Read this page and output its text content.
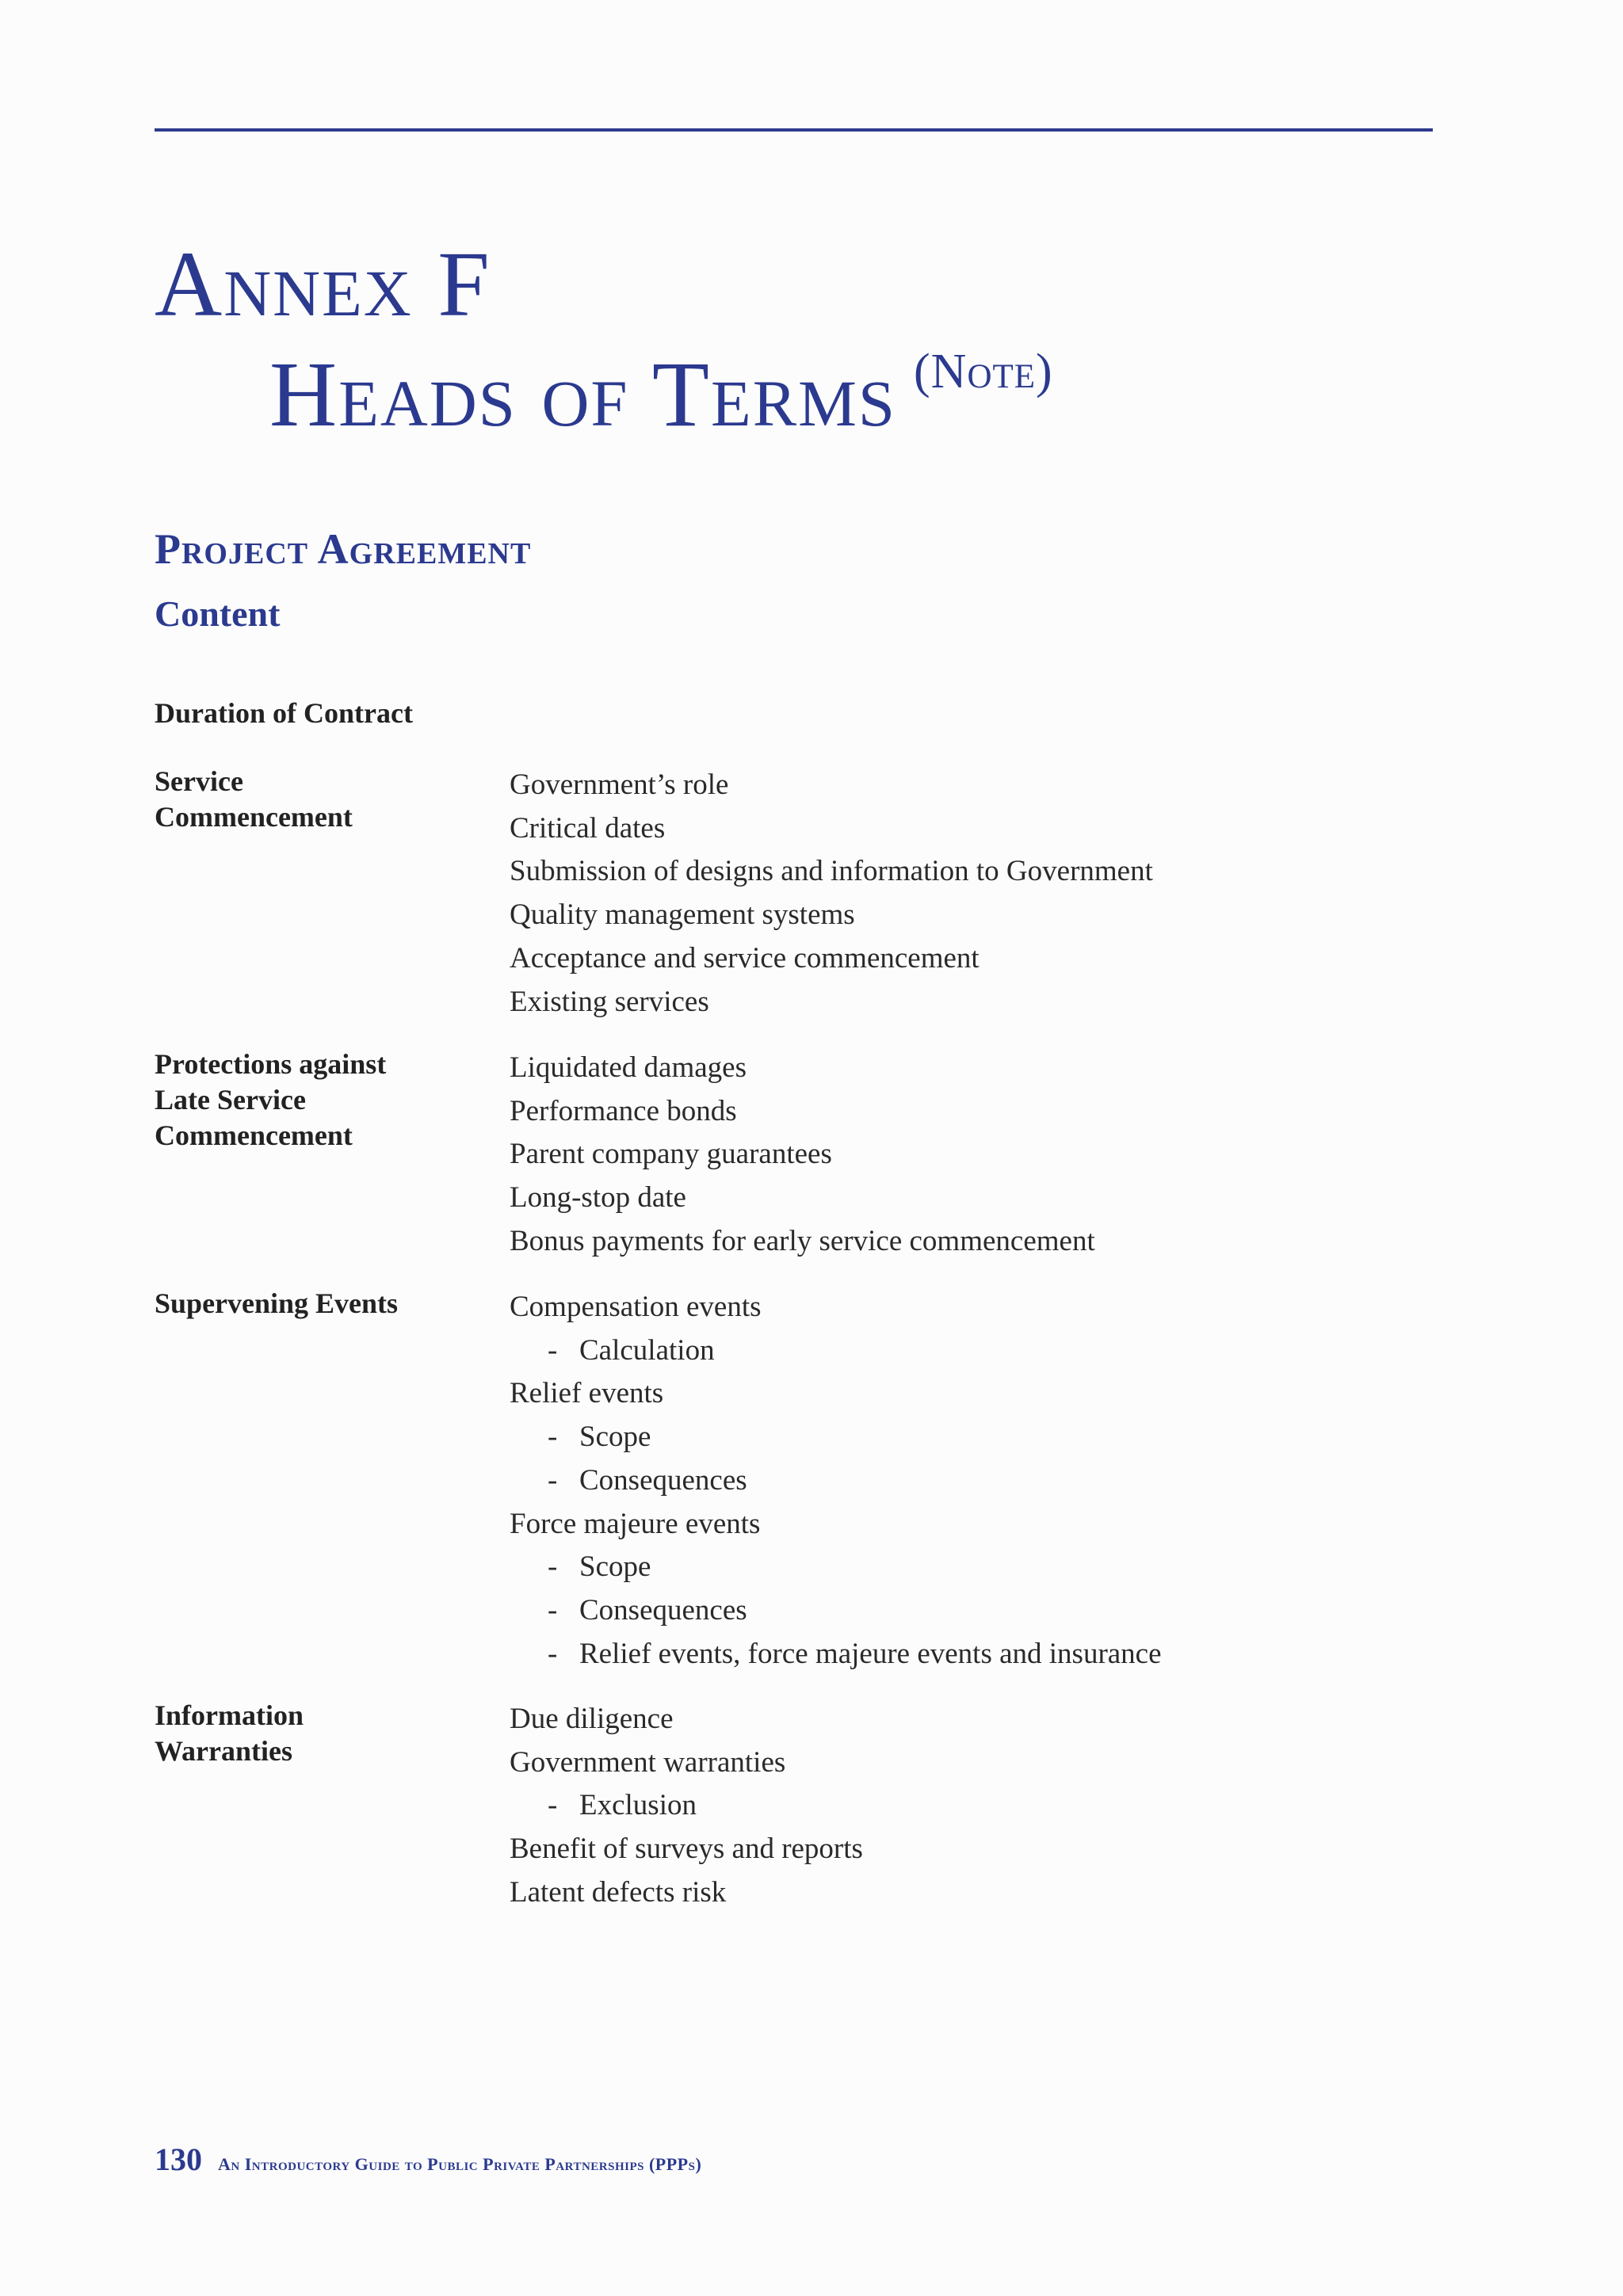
Annex F
Heads of Terms $^{(Note)}$
Project Agreement
Content

Duration of Contract

Service
Commencement
Government’s role
Critical dates
Submission of designs and information to Government
Quality management systems
Acceptance and service commencement
Existing services
Protections against
Late Service
Commencement
Liquidated damages
Performance bonds
Parent company guarantees
Long-stop date
Bonus payments for early service commencement
Supervening Events	Compensation events
- Calculation
Relief events
- Scope
- Consequences
Force majeure events
- Scope
- Consequences
- Relief events, force majeure events and insurance
Information
Warranties
Due diligence
Government warranties
- Exclusion
Benefit of surveys and reports
Latent defects risk
130 An Introductory Guide to Public Private Partnerships (PPPs)
